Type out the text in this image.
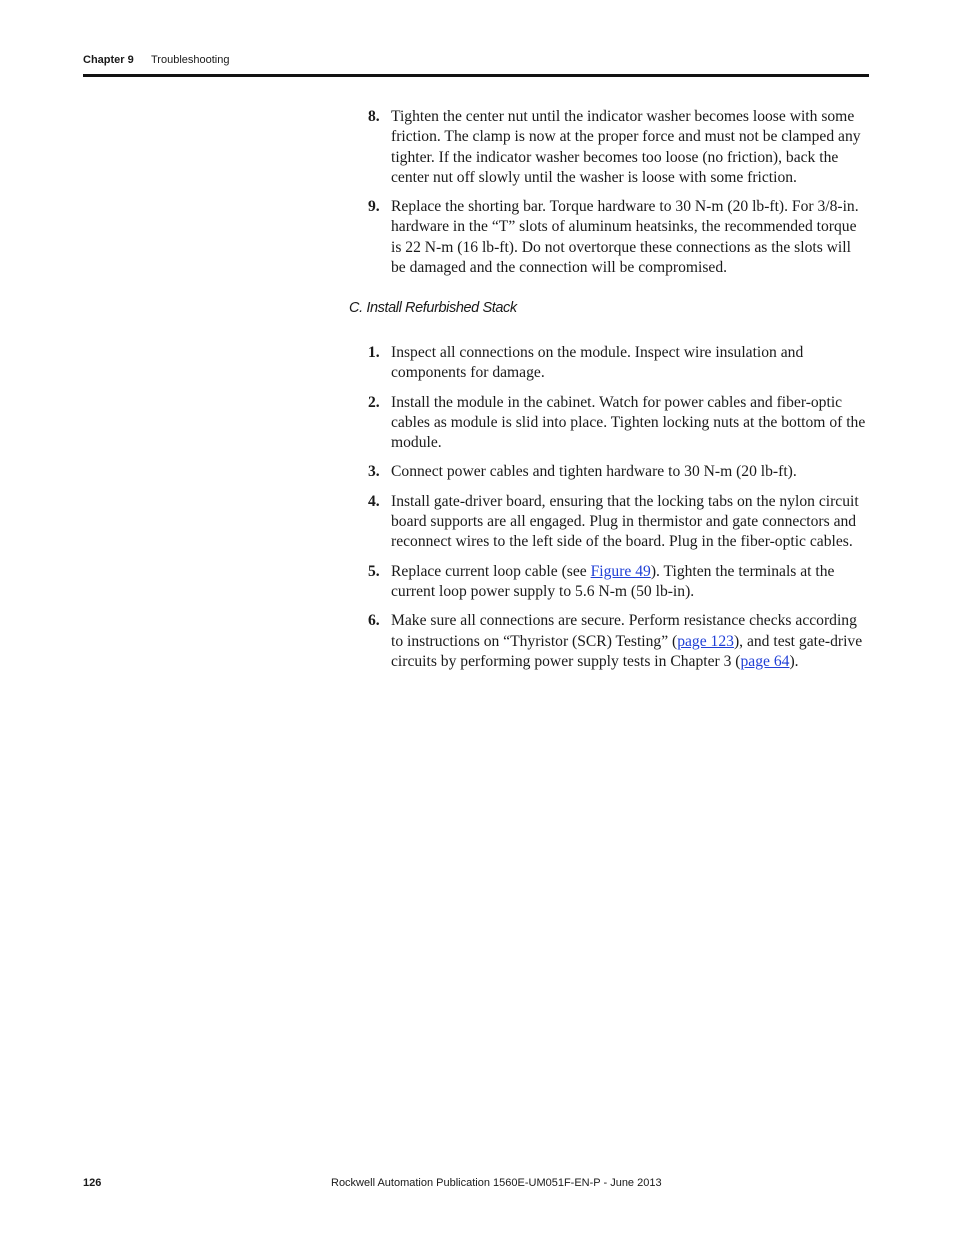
Chapter 9 Troubleshooting
8. Tighten the center nut until the indicator washer becomes loose with some friction. The clamp is now at the proper force and must not be clamped any tighter. If the indicator washer becomes too loose (no friction), back the center nut off slowly until the washer is loose with some friction.
9. Replace the shorting bar. Torque hardware to 30 N-m (20 lb-ft). For 3/8-in. hardware in the “T” slots of aluminum heatsinks, the recommended torque is 22 N-m (16 lb-ft). Do not overtorque these connections as the slots will be damaged and the connection will be compromised.
C. Install Refurbished Stack
1. Inspect all connections on the module. Inspect wire insulation and components for damage.
2. Install the module in the cabinet. Watch for power cables and fiber-optic cables as module is slid into place. Tighten locking nuts at the bottom of the module.
3. Connect power cables and tighten hardware to 30 N-m (20 lb-ft).
4. Install gate-driver board, ensuring that the locking tabs on the nylon circuit board supports are all engaged. Plug in thermistor and gate connectors and reconnect wires to the left side of the board. Plug in the fiber-optic cables.
5. Replace current loop cable (see Figure 49). Tighten the terminals at the current loop power supply to 5.6 N-m (50 lb-in).
6. Make sure all connections are secure. Perform resistance checks according to instructions on “Thyristor (SCR) Testing” (page 123), and test gate-drive circuits by performing power supply tests in Chapter 3 (page 64).
126	Rockwell Automation Publication 1560E-UM051F-EN-P - June 2013
